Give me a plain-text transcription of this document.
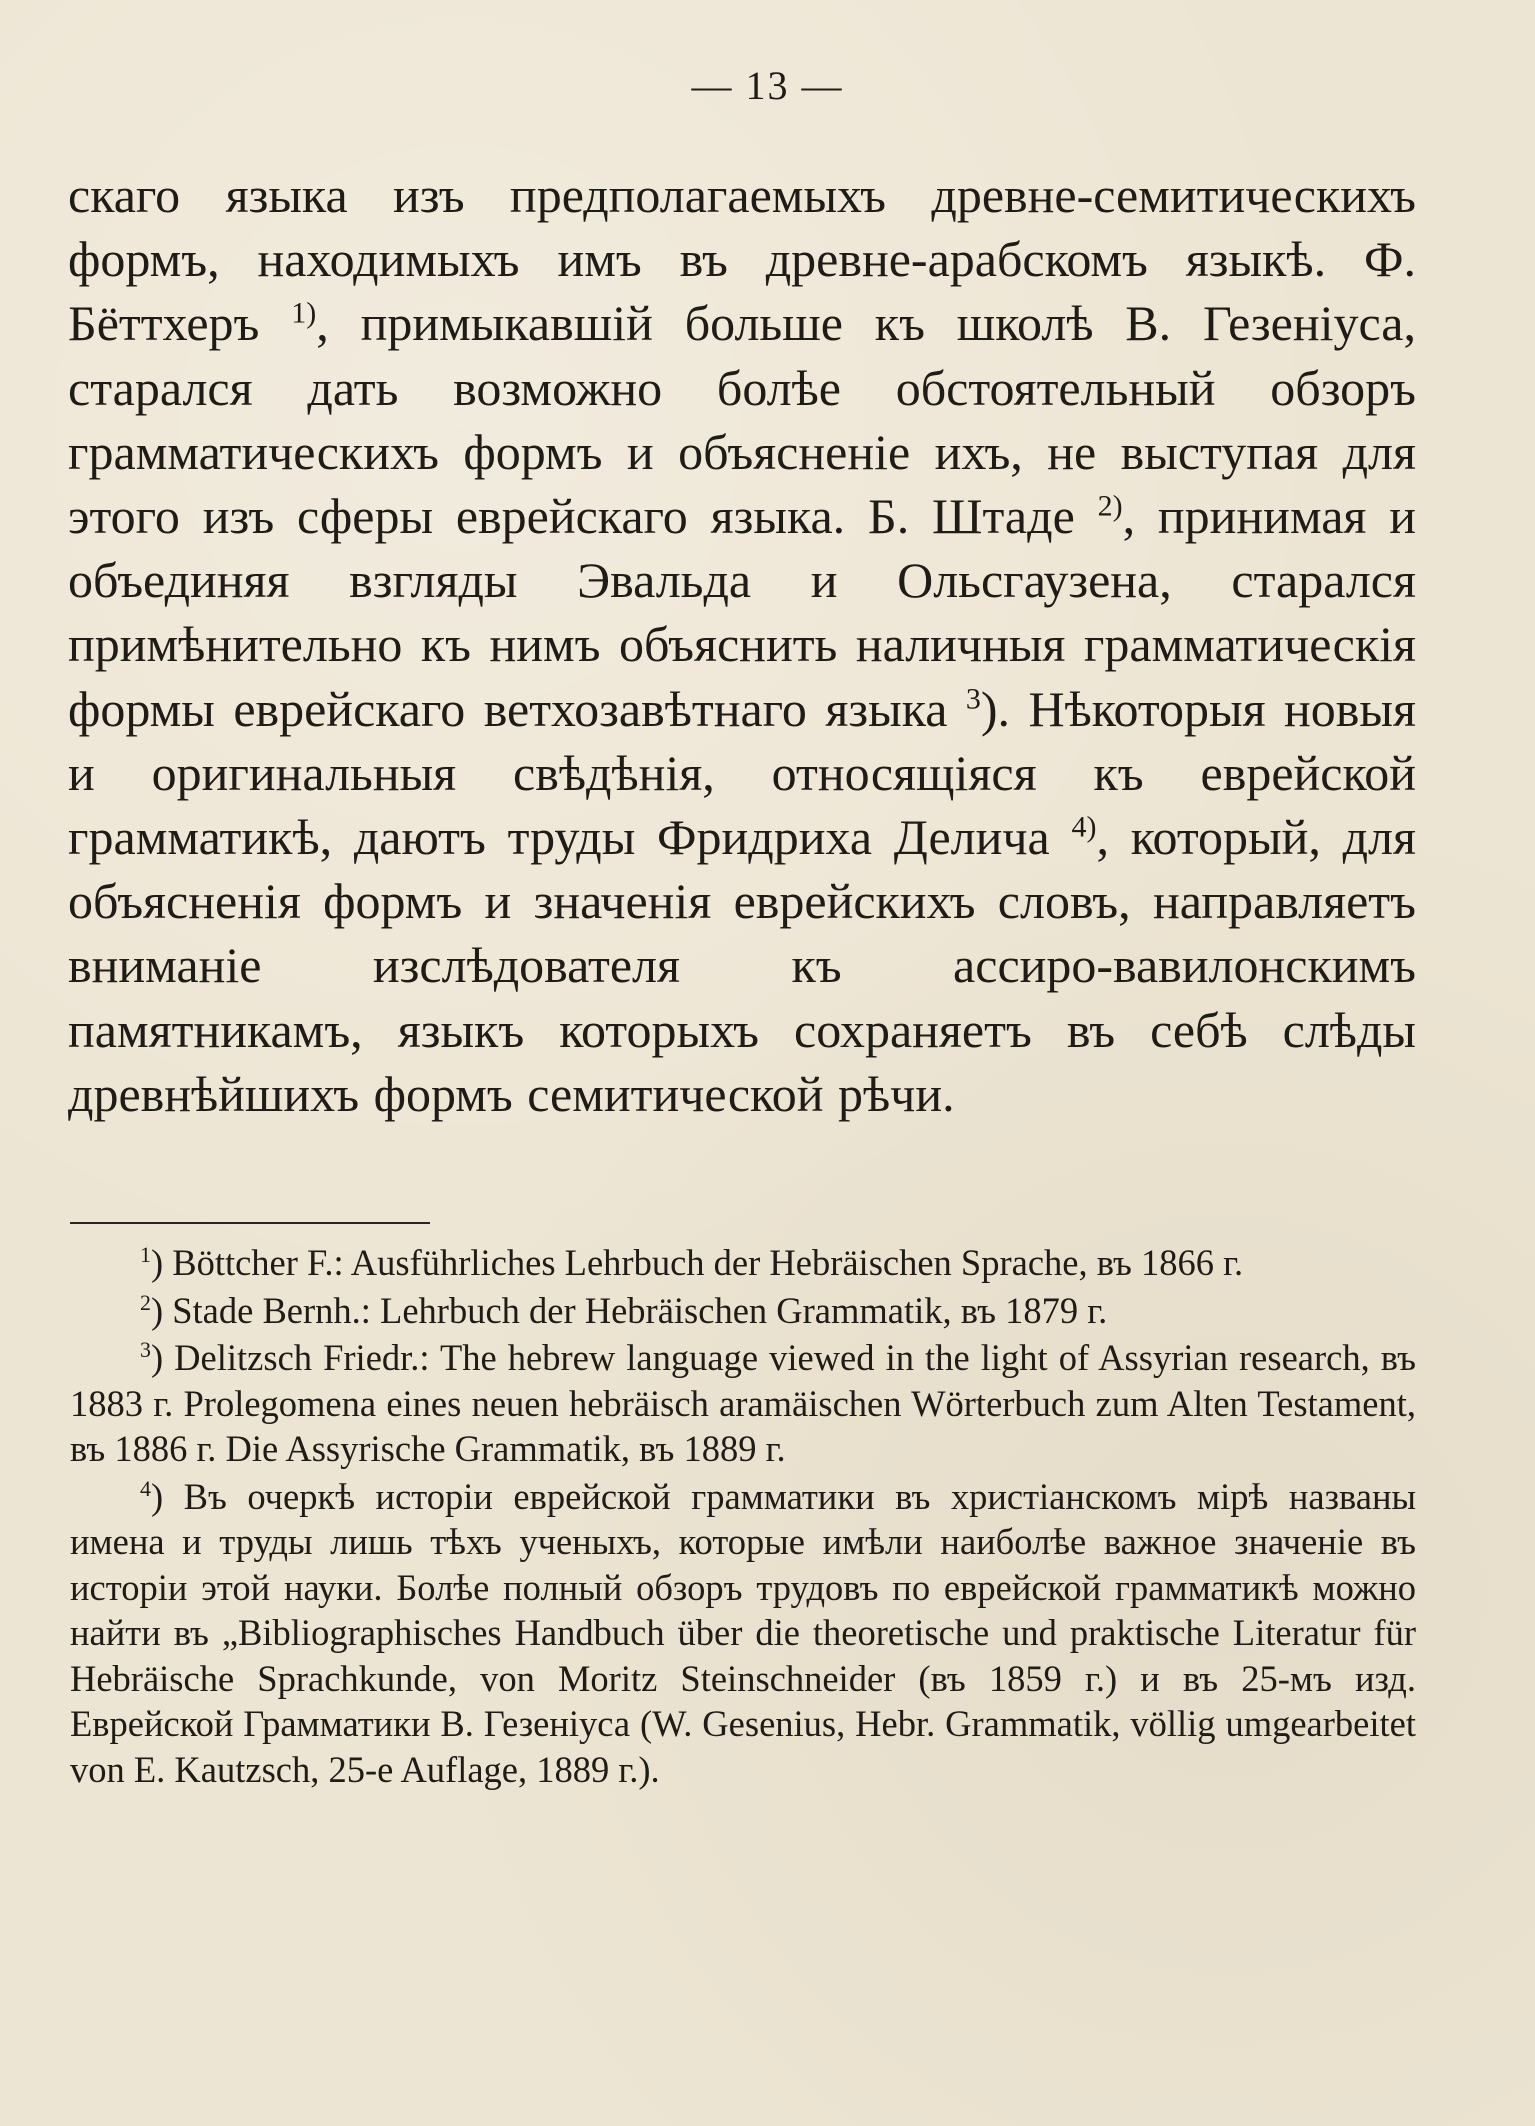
— 13 —
скаго языка изъ предполагаемыхъ древне-семитическихъ формъ, находимыхъ имъ въ древне-арабскомъ языкѣ. Ф. Бёттхеръ $^{1)}$, примыкавшій больше къ школѣ В. Гезеніуса, старался дать возможно болѣе обстоятельный обзоръ грамматическихъ формъ и объясненіе ихъ, не выступая для этого изъ сферы еврейскаго языка. Б. Штаде $^{2)}$, принимая и объединяя взгляды Эвальда и Ольсгаузена, старался примѣнительно къ нимъ объяснить наличныя грамматическія формы еврейскаго ветхозавѣтнаго языка $^3$). Нѣкоторыя новыя и оригинальныя свѣдѣнія, относящіяся къ еврейской грамматикѣ, даютъ труды Фридриха Делича $^{4)}$, который, для объясненія формъ и значенія еврейскихъ словъ, направляетъ вниманіе изслѣдователя къ ассиро-вавилонскимъ памятникамъ, языкъ которыхъ сохраняетъ въ себѣ слѣды древнѣйшихъ формъ семитической рѣчи.

$^1$) Böttcher F.: Ausführliches Lehrbuch der Hebräischen Sprache, въ 1866 г.

$^2$) Stade Bernh.: Lehrbuch der Hebräischen Grammatik, въ 1879 г.

$^3$) Delitzsch Friedr.: The hebrew language viewed in the light of Assyrian research, въ 1883 г. Prolegomena eines neuen hebräisch aramäischen Wörterbuch zum Alten Testament, въ 1886 г. Die Assyrische Grammatik, въ 1889 г.

$^4$) Въ очеркѣ исторіи еврейской грамматики въ христіанскомъ мірѣ названы имена и труды лишь тѣхъ ученыхъ, которые имѣли наиболѣе важное значеніе въ исторіи этой науки. Болѣе полный обзоръ трудовъ по еврейской грамматикѣ можно найти въ „Bibliographisches Handbuch über die theoretische und praktische Literatur für Hebräische Sprachkunde, von Moritz Steinschneider (въ 1859 г.) и въ 25-мъ изд. Еврейской Грамматики В. Гезеніуса (W. Gesenius, Hebr. Grammatik, völlig umgearbeitet von E. Kautzsch, 25-e Auflage, 1889 г.).
